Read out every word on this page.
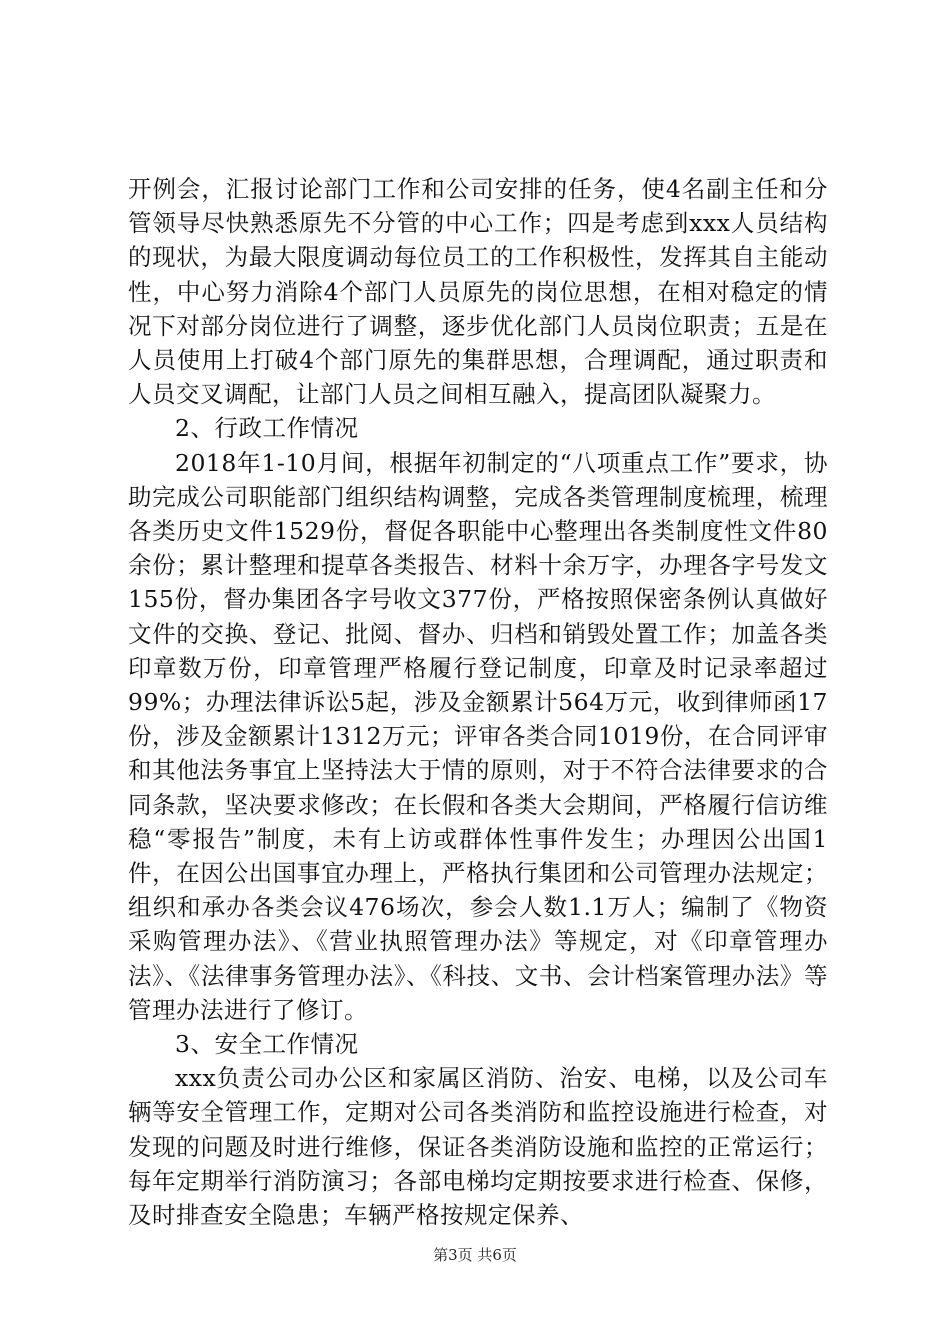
开例会，汇报讨论部门工作和公司安排的任务，使4名副主任和分管领导尽快熟悉原先不分管的中心工作；四是考虑到xxx人员结构的现状，为最大限度调动每位员工的工作积极性，发挥其自主能动性，中心努力消除4个部门人员原先的岗位思想，在相对稳定的情况下对部分岗位进行了调整，逐步优化部门人员岗位职责；五是在人员使用上打破4个部门原先的集群思想，合理调配，通过职责和人员交叉调配，让部门人员之间相互融入，提高团队凝聚力。

2、行政工作情况

2018年1-10月间，根据年初制定的“八项重点工作”要求，协助完成公司职能部门组织结构调整，完成各类管理制度梳理，梳理各类历史文件1529份，督促各职能中心整理出各类制度性文件80余份；累计整理和提草各类报告、材料十余万字，办理各字号发文155份，督办集团各字号收文377份，严格按照保密条例认真做好文件的交换、登记、批阅、督办、归档和销毁处置工作；加盖各类印章数万份，印章管理严格履行登记制度，印章及时记录率超过99%；办理法律诉讼5起，涉及金额累计564万元，收到律师函17份，涉及金额累计1312万元；评审各类合同1019份，在合同评审和其他法务事宜上坚持法大于情的原则，对于不符合法律要求的合同条款，坚决要求修改；在长假和各类大会期间，严格履行信访维稳“零报告”制度，未有上访或群体性事件发生；办理因公出国1件，在因公出国事宜办理上，严格执行集团和公司管理办法规定；组织和承办各类会议476场次，参会人数1.1万人；编制了《物资采购管理办法》、《营业执照管理办法》等规定，对《印章管理办法》、《法律事务管理办法》、《科技、文书、会计档案管理办法》等管理办法进行了修订。

3、安全工作情况

xxx负责公司办公区和家属区消防、治安、电梯，以及公司车辆等安全管理工作，定期对公司各类消防和监控设施进行检查，对发现的问题及时进行维修，保证各类消防设施和监控的正常运行；每年定期举行消防演习；各部电梯均定期按要求进行检查、保修，及时排查安全隐患；车辆严格按规定保养、

第3页 共6页
